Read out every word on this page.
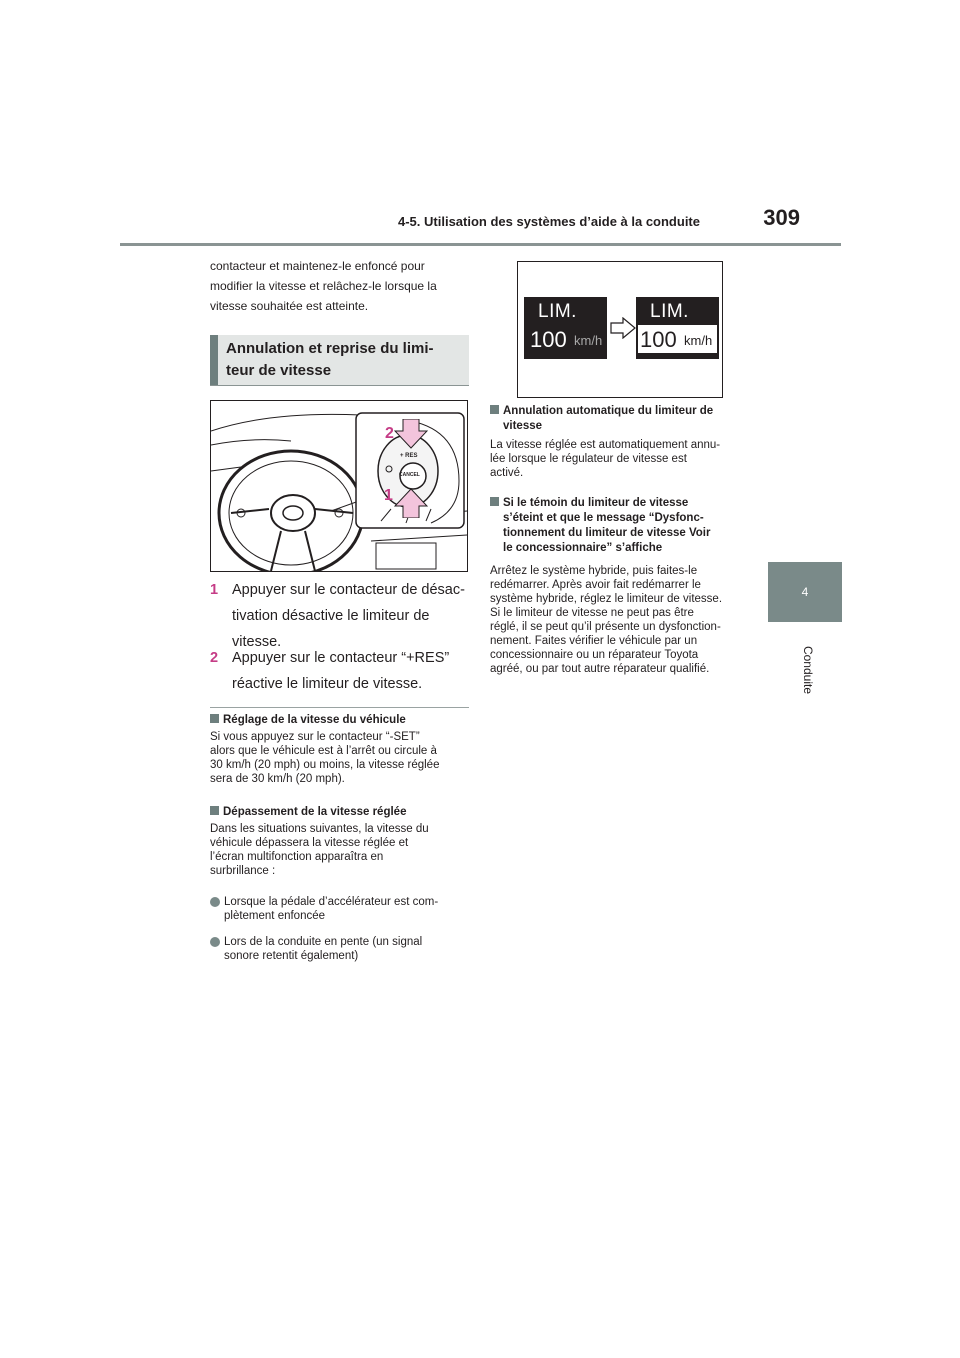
4-5. Utilisation des systèmes d’aide à la conduite	309
4
Conduite
contacteur et maintenez-le enfoncé pour
modifier la vitesse et relâchez-le lorsque la
vitesse souhaitée est atteinte.
Annulation et reprise du limi-
teur de vitesse
+ RES
CANCEL
2
1
1 Appuyer sur le contacteur de désac-
tivation désactive le limiteur de
vitesse.
2 Appuyer sur le contacteur “+RES”
réactive le limiteur de vitesse.
Réglage de la vitesse du véhicule
Si vous appuyez sur le contacteur “-SET”
alors que le véhicule est à l’arrêt ou circule à
30 km/h (20 mph) ou moins, la vitesse réglée
sera de 30 km/h (20 mph).
Dépassement de la vitesse réglée
Dans les situations suivantes, la vitesse du
véhicule dépassera la vitesse réglée et
l’écran multifonction apparaîtra en
surbrillance :
Lorsque la pédale d’accélérateur est com-
plètement enfoncée
Lors de la conduite en pente (un signal
sonore retentit également)
LIM.
100 km/h
LIM.
100 km/h
Annulation automatique du limiteur de
vitesse
La vitesse réglée est automatiquement annu-
lée lorsque le régulateur de vitesse est
activé.
Si le témoin du limiteur de vitesse
s’éteint et que le message “Dysfonc-
tionnement du limiteur de vitesse Voir
le concessionnaire” s’affiche
Arrêtez le système hybride, puis faites-le
redémarrer. Après avoir fait redémarrer le
système hybride, réglez le limiteur de vitesse.
Si le limiteur de vitesse ne peut pas être
réglé, il se peut qu’il présente un dysfonction-
nement. Faites vérifier le véhicule par un
concessionnaire ou un réparateur Toyota
agréé, ou par tout autre réparateur qualifié.
